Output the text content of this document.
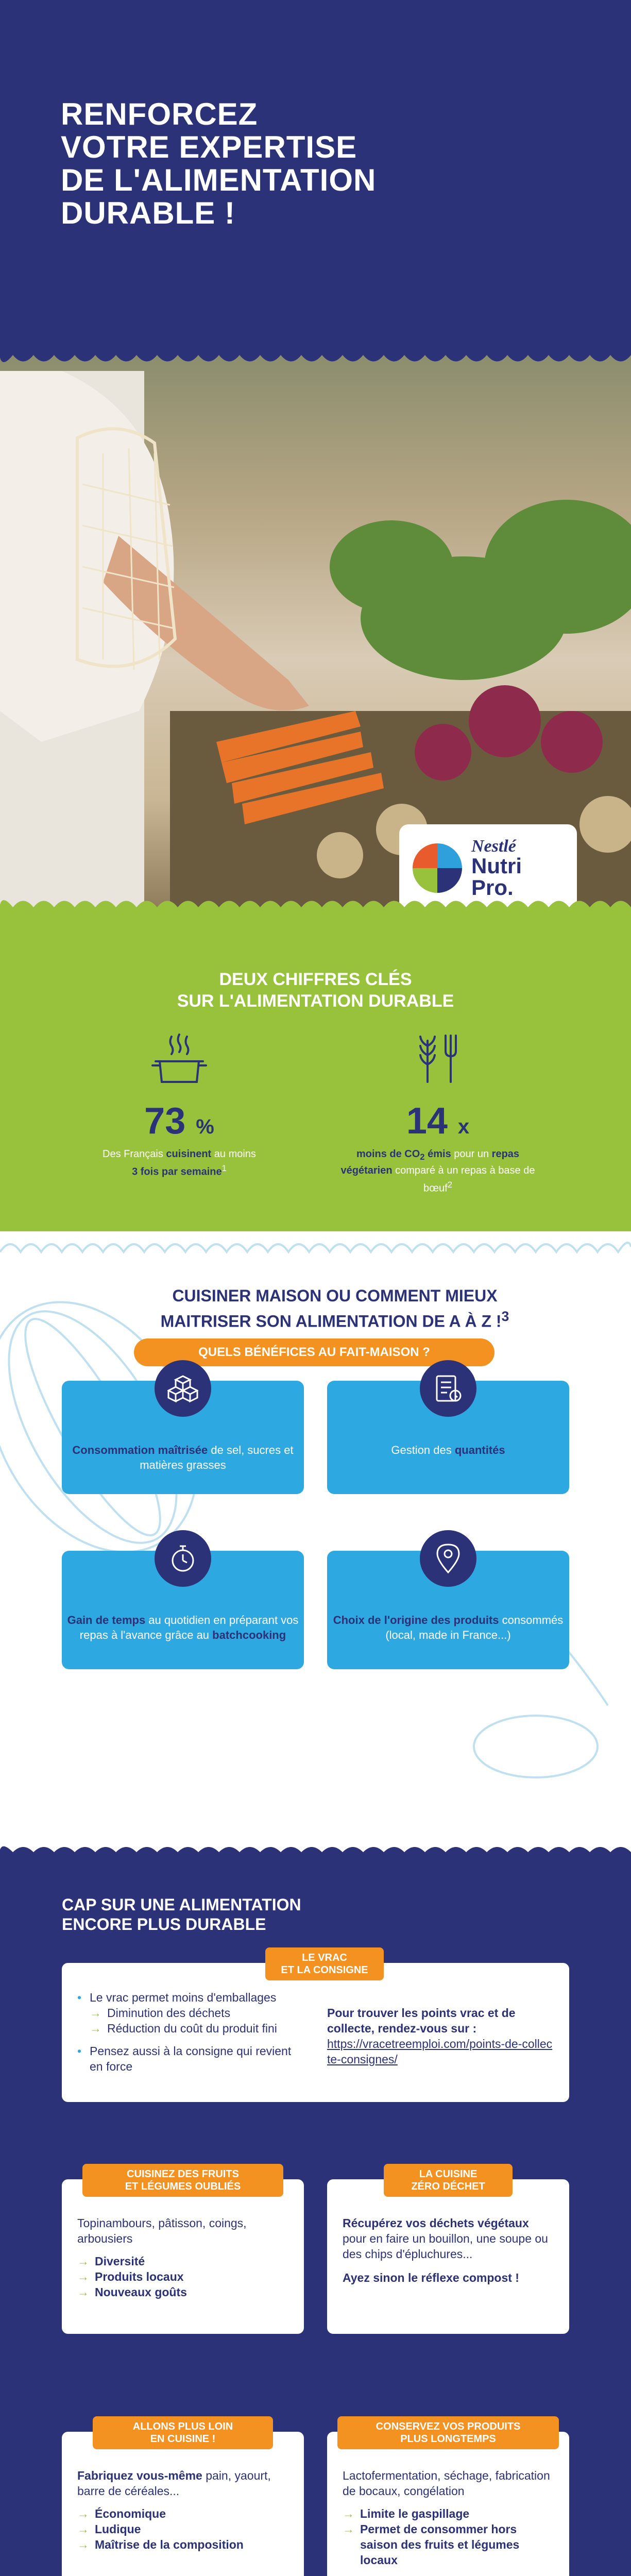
RENFORCEZ
VOTRE EXPERTISE
DE L'ALIMENTATION
DURABLE !
Nestlé
Nutri Pro.
DEUX CHIFFRES CLÉS
SUR L'ALIMENTATION DURABLE
73 %
Des Français cuisinent au moins
3 fois par semaine$^1$
14 x
moins de $CO_2$ émis pour un repas végétarien comparé à un repas à base de bœuf$^2$
CUISINER MAISON OU COMMENT MIEUX
MAITRISER SON ALIMENTATION DE A À Z !$^3$
QUELS BÉNÉFICES AU FAIT-MAISON ?
Consommation maîtrisée de sel, sucres et matières grasses
Gestion des quantités
Gain de temps au quotidien en préparant vos repas à l'avance grâce au batchcooking
Choix de l'origine des produits consommés (local, made in France...)
CAP SUR UNE ALIMENTATION
ENCORE PLUS DURABLE
LE VRAC
ET LA CONSIGNE
• Le vrac permet moins d'emballages
→ Diminution des déchets
→ Réduction du coût du produit fini
• Pensez aussi à la consigne qui revient en force
Pour trouver les points vrac et de collecte, rendez-vous sur :
https://vracetreemploi.com/points-de-collecte-consignes/
CUISINEZ DES FRUITS
ET LÉGUMES OUBLIÉS
Topinambours, pâtisson, coings, arbousiers
→ Diversité
→ Produits locaux
→ Nouveaux goûts
LA CUISINE
ZÉRO DÉCHET
Récupérez vos déchets végétaux pour en faire un bouillon, une soupe ou des chips d'épluchures...
Ayez sinon le réflexe compost !
ALLONS PLUS LOIN
EN CUISINE !
Fabriquez vous-même pain, yaourt, barre de céréales...
→ Économique
→ Ludique
→ Maîtrise de la composition
CONSERVEZ VOS PRODUITS
PLUS LONGTEMPS
Lactofermentation, séchage, fabrication de bocaux, congélation
→ Limite le gaspillage
→ Permet de consommer hors saison des fruits et légumes locaux
